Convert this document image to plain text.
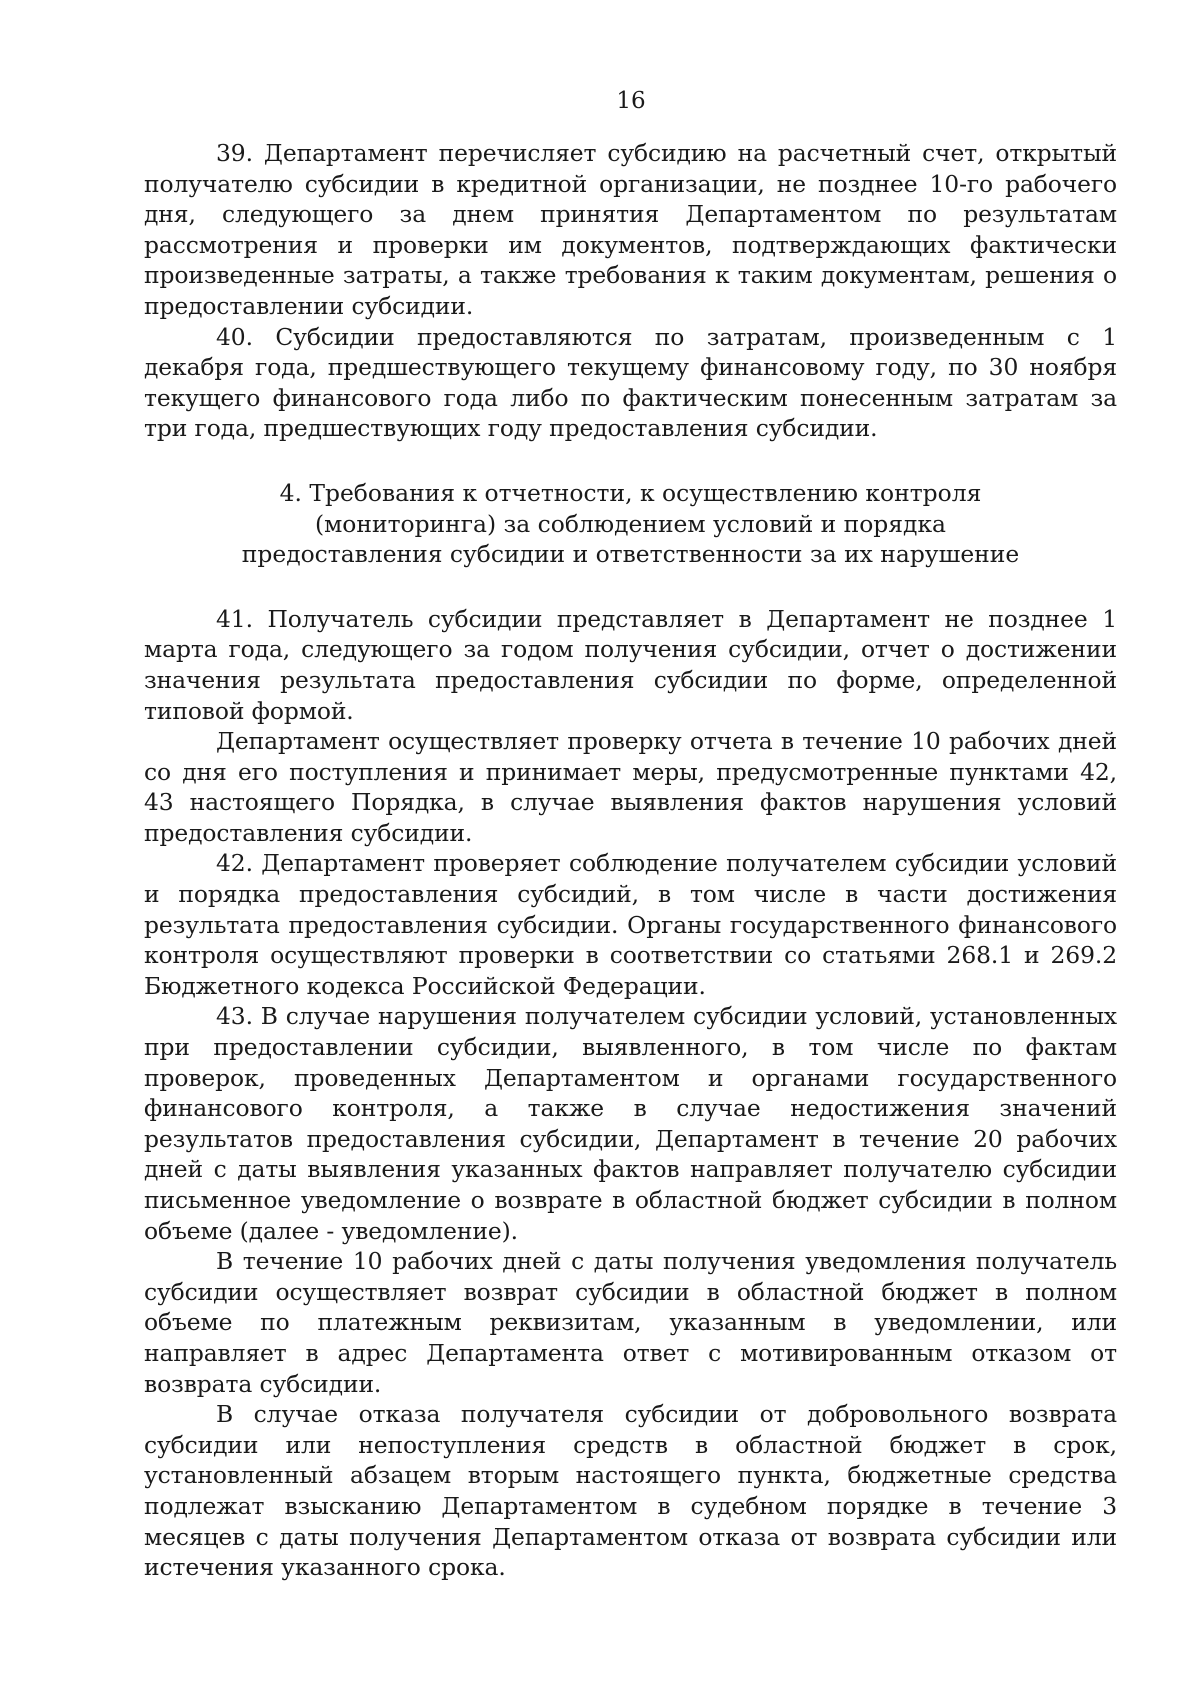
16

39. Департамент перечисляет субсидию на расчетный счет, открытый получателю субсидии в кредитной организации, не позднее 10-го рабочего дня, следующего за днем принятия Департаментом по результатам рассмотрения и проверки им документов, подтверждающих фактически произведенные затраты, а также требования к таким документам, решения о предоставлении субсидии.

40. Субсидии предоставляются по затратам, произведенным с 1 декабря года, предшествующего текущему финансовому году, по 30 ноября текущего финансового года либо по фактическим понесенным затратам за три года, предшествующих году предоставления субсидии.

4. Требования к отчетности, к осуществлению контроля
(мониторинга) за соблюдением условий и порядка
предоставления субсидии и ответственности за их нарушение

41. Получатель субсидии представляет в Департамент не позднее 1 марта года, следующего за годом получения субсидии, отчет о достижении значения результата предоставления субсидии по форме, определенной типовой формой.

Департамент осуществляет проверку отчета в течение 10 рабочих дней со дня его поступления и принимает меры, предусмотренные пунктами 42, 43 настоящего Порядка, в случае выявления фактов нарушения условий предоставления субсидии.

42. Департамент проверяет соблюдение получателем субсидии условий и порядка предоставления субсидий, в том числе в части достижения результата предоставления субсидии. Органы государственного финансового контроля осуществляют проверки в соответствии со статьями 268.1 и 269.2 Бюджетного кодекса Российской Федерации.

43. В случае нарушения получателем субсидии условий, установленных при предоставлении субсидии, выявленного, в том числе по фактам проверок, проведенных Департаментом и органами государственного финансового контроля, а также в случае недостижения значений результатов предоставления субсидии, Департамент в течение 20 рабочих дней с даты выявления указанных фактов направляет получателю субсидии письменное уведомление о возврате в областной бюджет субсидии в полном объеме (далее - уведомление).

В течение 10 рабочих дней с даты получения уведомления получатель субсидии осуществляет возврат субсидии в областной бюджет в полном объеме по платежным реквизитам, указанным в уведомлении, или направляет в адрес Департамента ответ с мотивированным отказом от возврата субсидии.

В случае отказа получателя субсидии от добровольного возврата субсидии или непоступления средств в областной бюджет в срок, установленный абзацем вторым настоящего пункта, бюджетные средства подлежат взысканию Департаментом в судебном порядке в течение 3 месяцев с даты получения Департаментом отказа от возврата субсидии или истечения указанного срока.
